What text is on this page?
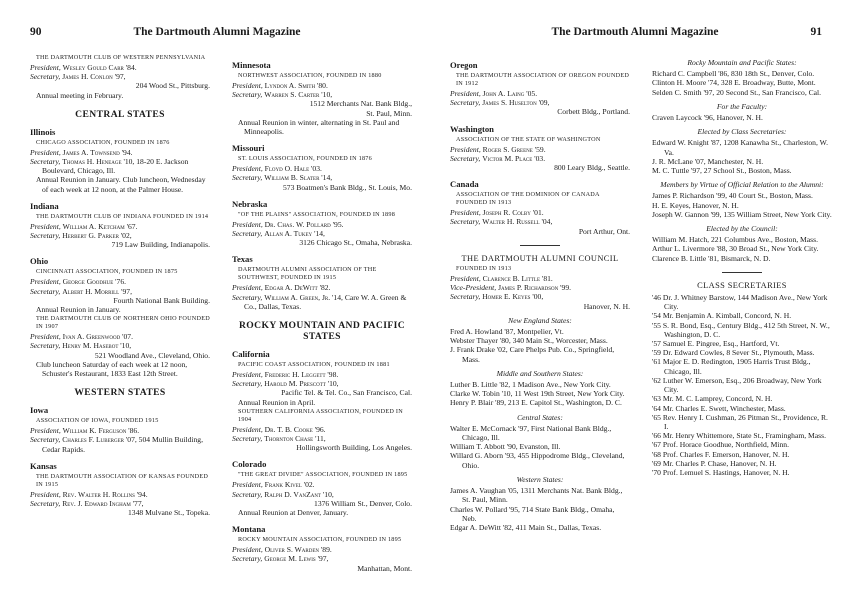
90	The Dartmouth Alumni Magazine
THE DARTMOUTH CLUB OF WESTERN PENNSYLVANIA
President, Wesley Gould Carr '84.
Secretary, James H. Conlon '97,
204 Wood St., Pittsburg.
Annual meeting in February.
CENTRAL STATES
Illinois
CHICAGO ASSOCIATION, FOUNDED IN 1876
President, James A. Townsend '94.
Secretary, Thomas H. Heneage '10, 18-20 E. Jackson Boulevard, Chicago, Ill.
Annual Reunion in January. Club luncheon, Wednesday of each week at 12 noon, at the Palmer House.
Indiana
THE DARTMOUTH CLUB OF INDIANA FOUNDED IN 1914
President, William A. Ketcham '67.
Secretary, Herbert G. Parker '02,
719 Law Building, Indianapolis.
Ohio
CINCINNATI ASSOCIATION, FOUNDED IN 1875
President, George Goodhue '76.
Secretary, Albert H. Morrill '97,
Fourth National Bank Building.
Annual Reunion in January.
THE DARTMOUTH CLUB OF NORTHERN OHIO FOUNDED IN 1907
President, Ivan A. Greenwood '07.
Secretary, Henry M. Hasebot '10,
521 Woodland Ave., Cleveland, Ohio.
Club luncheon Saturday of each week at 12 noon, Schuster's Restaurant, 1833 East 12th Street.
WESTERN STATES
Iowa
ASSOCIATION OF IOWA, FOUNDED 1915
President, William K. Ferguson '86.
Secretary, Charles F. Luberger '07, 504 Mullin Building, Cedar Rapids.
Kansas
THE DARTMOUTH ASSOCIATION OF KANSAS FOUNDED IN 1915
President, Rev. Walter H. Rollins '94.
Secretary, Rev. J. Edward Ingham '77,
1348 Mulvane St., Topeka.
Minnesota
NORTHWEST ASSOCIATION, FOUNDED IN 1880
President, Lyndon A. Smith '80.
Secretary, Warren S. Carter '10,
1512 Merchants Nat. Bank Bldg.,
St. Paul, Minn.
Annual Reunion in winter, alternating in St. Paul and Minneapolis.
Missouri
ST. LOUIS ASSOCIATION, FOUNDED IN 1876
President, Floyd O. Hale '03.
Secretary, William B. Slater '14,
573 Boatmen's Bank Bldg., St. Louis, Mo.
Nebraska
"OF THE PLAINS" ASSOCIATION, FOUNDED IN 1898
President, Dr. Chas. W. Pollard '95.
Secretary, Allan A. Tukey '14,
3126 Chicago St., Omaha, Nebraska.
Texas
DARTMOUTH ALUMNI ASSOCIATION OF THE SOUTHWEST, FOUNDED IN 1915
President, Edgar A. DeWitt '82.
Secretary, William A. Green, Jr. '14, Care W. A. Green & Co., Dallas, Texas.
ROCKY MOUNTAIN AND PACIFIC STATES
California
PACIFIC COAST ASSOCIATION, FOUNDED IN 1881
President, Frederic H. Leggett '98.
Secretary, Harold M. Prescott '10,
Pacific Tel. & Tel. Co., San Francisco, Cal.
Annual Reunion in April.
SOUTHERN CALIFORNIA ASSOCIATION, FOUNDED IN 1904
President, Dr. T. B. Cooke '96.
Secretary, Thornton Chase '11,
Hollingsworth Building, Los Angeles.
Colorado
"THE GREAT DIVIDE" ASSOCIATION, FOUNDED IN 1895
President, Frank Kivel '02.
Secretary, Ralph D. VanZant '10,
1376 William St., Denver, Colo.
Annual Reunion at Denver, January.
Montana
ROCKY MOUNTAIN ASSOCIATION, FOUNDED IN 1895
President, Oliver S. Warden '89.
Secretary, George M. Lewis '97,
Manhattan, Mont.
The Dartmouth Alumni Magazine	91
Oregon
THE DARTMOUTH ASSOCIATION OF OREGON FOUNDED IN 1912
President, John A. Laing '05.
Secretary, James S. Huselton '09,
Corbett Bldg., Portland.
Washington
ASSOCIATION OF THE STATE OF WASHINGTON
President, Roger S. Greene '59.
Secretary, Victor M. Place '03.
800 Leary Bldg., Seattle.
Canada
ASSOCIATION OF THE DOMINION OF CANADA FOUNDED IN 1913
President, Joseph R. Colby '01.
Secretary, Walter H. Russell '04,
Port Arthur, Ont.
THE DARTMOUTH ALUMNI COUNCIL
FOUNDED IN 1913
President, Clarence B. Little '81.
Vice-President, James P. Richardson '99.
Secretary, Homer E. Keyes '00,
Hanover, N. H.
New England States:
Fred A. Howland '87, Montpelier, Vt.
Webster Thayer '80, 340 Main St., Worcester, Mass.
J. Frank Drake '02, Care Phelps Pub. Co., Springfield, Mass.
Middle and Southern States:
Luther B. Little '82, 1 Madison Ave., New York City.
Clarke W. Tobin '10, 11 West 19th Street, New York City.
Henry P. Blair '89, 213 E. Capitol St., Washington, D. C.
Central States:
Walter E. McCornack '97, First National Bank Bldg., Chicago, Ill.
William T. Abbott '90, Evanston, Ill.
Willard G. Aborn '93, 455 Hippodrome Bldg., Cleveland, Ohio.
Western States:
James A. Vaughan '05, 1311 Merchants Nat. Bank Bldg., St. Paul, Minn.
Charles W. Pollard '95, 714 State Bank Bldg., Omaha, Neb.
Edgar A. DeWitt '82, 411 Main St., Dallas, Texas.
Rocky Mountain and Pacific States:
Richard C. Campbell '86, 830 18th St., Denver, Colo.
Clinton H. Moore '74, 328 E. Broadway, Butte, Mont.
Selden C. Smith '97, 20 Second St., San Francisco, Cal.
For the Faculty:
Craven Laycock '96, Hanover, N. H.
Elected by Class Secretaries:
Edward W. Knight '87, 1208 Kanawha St., Charleston, W. Va.
J. R. McLane '07, Manchester, N. H.
M. C. Tuttle '97, 27 School St., Boston, Mass.
Members by Virtue of Official Relation to the Alumni:
James P. Richardson '99, 40 Court St., Boston, Mass.
H. E. Keyes, Hanover, N. H.
Joseph W. Gannon '99, 135 William Street, New York City.
Elected by the Council:
William M. Hatch, 221 Columbus Ave., Boston, Mass.
Arthur L. Livermore '88, 30 Broad St., New York City.
Clarence B. Little '81, Bismarck, N. D.
CLASS SECRETARIES
'46 Dr. J. Whitney Barstow, 144 Madison Ave., New York City.
'54 Mr. Benjamin A. Kimball, Concord, N. H.
'55 S. R. Bond, Esq., Century Bldg., 412 5th Street, N. W., Washington, D. C.
'57 Samuel E. Pingree, Esq., Hartford, Vt.
'59 Dr. Edward Cowles, 8 Sever St., Plymouth, Mass.
'61 Major E. D. Redington, 1905 Harris Trust Bldg., Chicago, Ill.
'62 Luther W. Emerson, Esq., 206 Broadway, New York City.
'63 Mr. M. C. Lamprey, Concord, N. H.
'64 Mr. Charles E. Swett, Winchester, Mass.
'65 Rev. Henry I. Cushman, 26 Pitman St., Providence, R. I.
'66 Mr. Henry Whittemore, State St., Framingham, Mass.
'67 Prof. Horace Goodhue, Northfield, Minn.
'68 Prof. Charles F. Emerson, Hanover, N. H.
'69 Mr. Charles P. Chase, Hanover, N. H.
'70 Prof. Lemuel S. Hastings, Hanover, N. H.
